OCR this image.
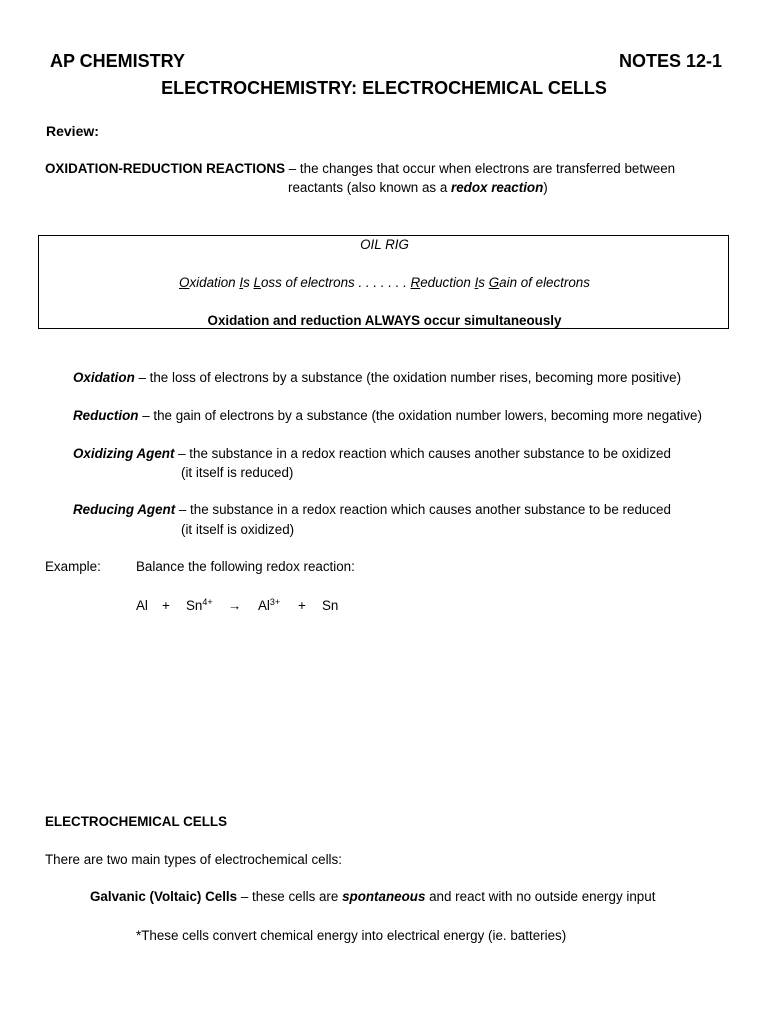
AP CHEMISTRY	NOTES 12-1
ELECTROCHEMISTRY: ELECTROCHEMICAL CELLS
Review:
OXIDATION-REDUCTION REACTIONS – the changes that occur when electrons are transferred between
reactants (also known as a redox reaction)
OIL RIG
Oxidation Is Loss of electrons . . . . . . . Reduction Is Gain of electrons
Oxidation and reduction ALWAYS occur simultaneously
Oxidation – the loss of electrons by a substance (the oxidation number rises, becoming more positive)
Reduction – the gain of electrons by a substance (the oxidation number lowers, becoming more negative)
Oxidizing Agent – the substance in a redox reaction which causes another substance to be oxidized
(it itself is reduced)
Reducing Agent – the substance in a redox reaction which causes another substance to be reduced
(it itself is oxidized)
Example:	Balance the following redox reaction:
$Al + Sn^{4+} \to Al^{3+} + Sn$
ELECTROCHEMICAL CELLS
There are two main types of electrochemical cells:
Galvanic (Voltaic) Cells – these cells are spontaneous and react with no outside energy input
*These cells convert chemical energy into electrical energy (ie. batteries)
